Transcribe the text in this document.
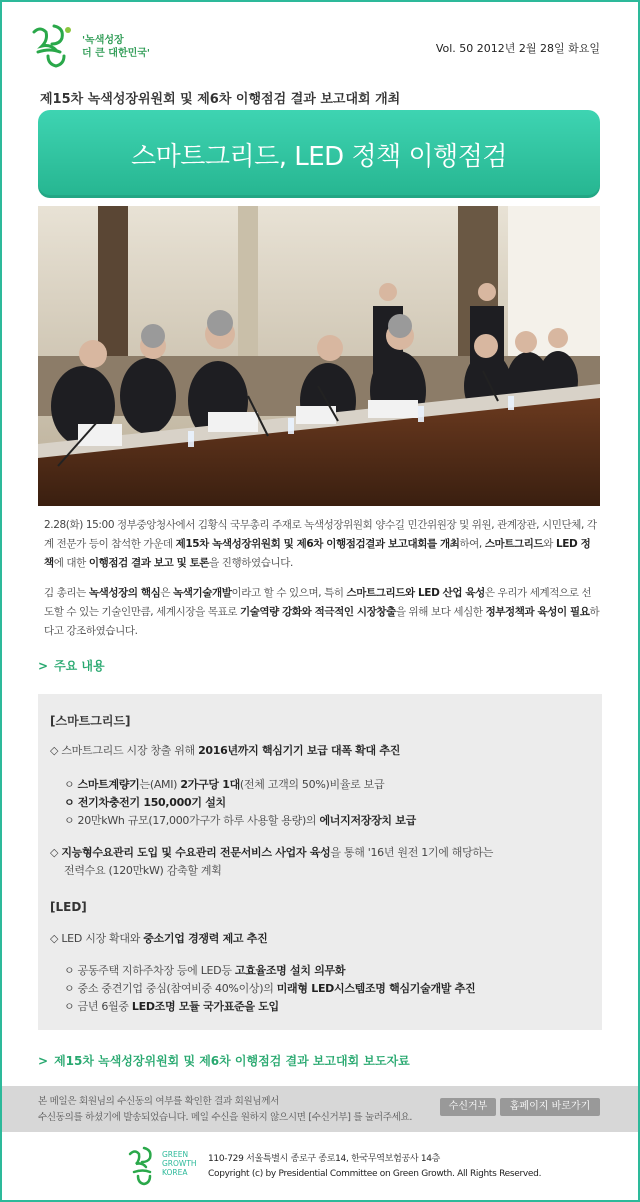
'녹색성장
더 큰 대한민국'	Vol. 50 2012년 2월 28일 화요일
제15차 녹색성장위원회 및 제6차 이행점검 결과 보고대회 개최
스마트그리드, LED 정책 이행점검
2.28(화) 15:00 정부중앙청사에서 김황식 국무총리 주재로 녹색성장위원회 양수길 민간위원장 및 위원, 관계장관, 시민단체, 각계 전문가 등이 참석한 가운데 제15차 녹색성장위원회 및 제6차 이행점검결과 보고대회를 개최하여, 스마트그리드와 LED 정책에 대한 이행점검 결과 보고 및 토론을 진행하였습니다.
김 총리는 녹색성장의 핵심은 녹색기술개발이라고 할 수 있으며, 특히 스마트그리드와 LED 산업 육성은 우리가 세계적으로 선도할 수 있는 기술인만큼, 세계시장을 목표로 기술역량 강화와 적극적인 시장창출을 위해 보다 세심한 정부정책과 육성이 필요하다고 강조하였습니다.
> 주요 내용
[스마트그리드]
◇ 스마트그리드 시장 창출 위해 2016년까지 핵심기기 보급 대폭 확대 추진
ㅇ 스마트계량기는(AMI) 2가구당 1대(전체 고객의 50%)비율로 보급
ㅇ 전기차충전기 150,000기 설치
ㅇ 20만kWh 규모(17,000가구가 하루 사용할 용량)의 에너지저장장치 보급
◇ 지능형수요관리 도입 및 수요관리 전문서비스 사업자 육성을 통해 '16년 원전 1기에 해당하는
전력수요 (120만kW) 감축할 계획
[LED]
◇ LED 시장 확대와 중소기업 경쟁력 제고 추진
ㅇ 공동주택 지하주차장 등에 LED등 고효율조명 설치 의무화
ㅇ 중소 중견기업 중심(참여비중 40%이상)의 미래형 LED시스템조명 핵심기술개발 추진
ㅇ 금년 6월중 LED조명 모듈 국가표준을 도입
> 제15차 녹색성장위원회 및 제6차 이행점검 결과 보고대회 보도자료
본 메일은 회원님의 수신동의 여부를 확인한 결과 회원님께서
수신동의를 하셨기에 발송되었습니다. 메일 수신을 원하지 않으시면 [수신거부] 를 눌러주세요.
수신거부	홈페이지 바로가기
GREEN
GROWTH
KOREA
110-729 서울특별시 종로구 종로14, 한국무역보험공사 14층
Copyright (c) by Presidential Committee on Green Growth. All Rights Reserved.
